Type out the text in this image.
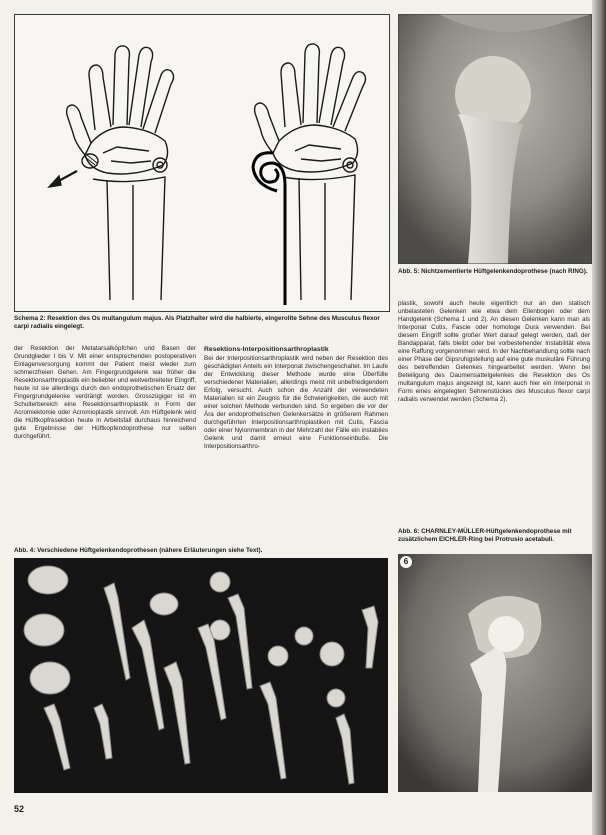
Schema 2: Resektion des Os multangulum majus. Als Platzhalter wird die halbierte, eingerollte Sehne des Musculus flexor carpi radialis eingelegt.

der Resektion der Metatarsalköpfchen und Basen der Grundglieder I bis V. Mit einer entsprechenden postoperativen Einlagenversorgung kommt der Patient meist wieder zum schmerzfreien Gehen. Am Fingergrundgelenk war früher die Resektionsarthroplastik ein beliebter und weitverbreiteter Eingriff, heute ist sie allerdings durch den endoprothetischen Ersatz der Fingergrundgelenke verdrängt worden. Grosszügiger ist im Schulterbereich eine Resektionsarthroplastik in Form der Acromiektomie oder Acromioplastik sinnvoll. Am Hüftgelenk wird die Hüftkopfresektion heute in Arbeitsfall durchaus hinreichend gute Ergebnisse der Hüftkopfendoprothese nur selten durchgeführt.

Resektions-Interpositionsarthroplastik

Bei der Interpositionsarthroplastik wird neben der Resektion des geschädigten Anteils ein Interponat zwischengeschaltet. Im Laufe der Entwicklung dieser Methode wurde eine Überfülle verschiedener Materialien, allerdings meist mit unbefriedigendem Erfolg, versucht. Auch schon die Anzahl der verwendeten Materialien ist ein Zeugnis für die Schwierigkeiten, die auch mit einer solchen Methode verbunden sind. So ergeben die vor der Ära der endoprothetischen Gelenkersätze in größerem Rahmen durchgeführten Interpositionsarthroplastiken mit Cutis, Fascia oder einer Nylonmembran in der Mehrzahl der Fälle ein instabiles Gelenk und damit erneut eine Funktionseinbuße. Die Interpositionsarthro-

plastik, sowohl auch heute eigentlich nur an den statisch unbelasteten Gelenken wie etwa dem Ellenbogen oder dem Handgelenk (Schema 1 und 2). An diesen Gelenken kann man als Interponat Cutis, Fascie oder homologe Dura verwenden. Bei diesem Eingriff sollte großer Wert darauf gelegt werden, daß der Bandapparat, falls bleibt oder bei vorbestehender Instabilität etwa eine Raffung vorgenommen wird. In der Nachbehandlung sollte nach einer Phase der Gipsruhigstellung auf eine gute muskuläre Führung des betreffenden Gelenkes hingearbeitet werden. Wenn bei Beteiligung des Daumensattelgelenkes die Resektion des Os multangulum majus angezeigt ist, kann auch hier ein Interponat in Form eines eingelegten Sehnenstückes des Musculus flexor carpi radialis verwendet werden (Schema 2).

Abb. 5: Nichtzementierte Hüftgelenkendoprothese (nach RING).
Abb. 4: Verschiedene Hüftgelenkendoprothesen (nähere Erläuterungen siehe Text).
Abb. 6: CHARNLEY-MÜLLER-Hüftgelenkendoprothese mit zusätzlichem EICHLER-Ring bei Protrusio acetabuli.
6
52
